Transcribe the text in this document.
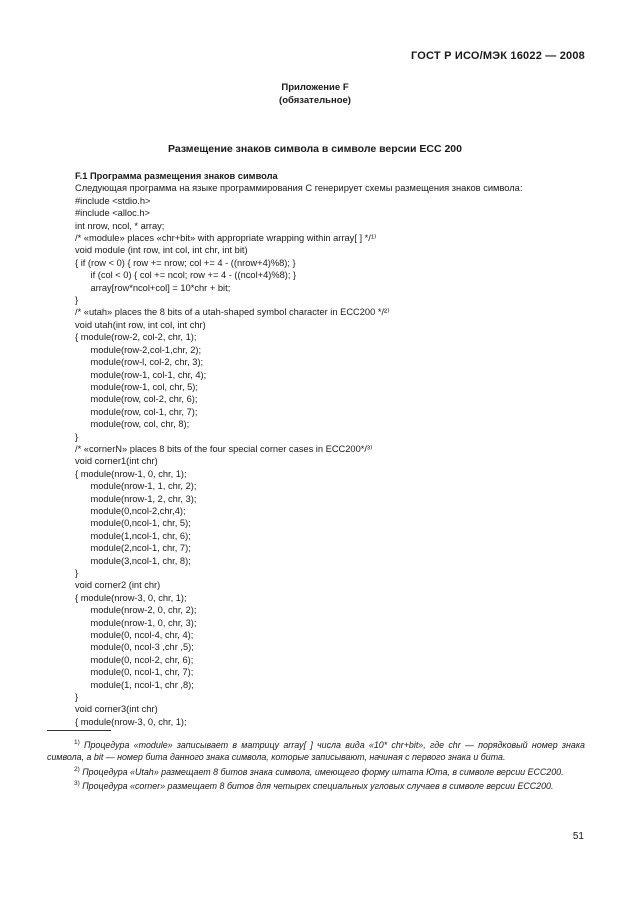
ГОСТ Р ИСО/МЭК 16022 — 2008
Приложение F
(обязательное)
Размещение знаков символа в символе версии ЕСС 200
F.1 Программа размещения знаков символа
Следующая программа на языке программирования С генерирует схемы размещения знаков символа:
#include <stdio.h>
#include <alloc.h>
int nrow, ncol, * array;
/* «module» places «chr+bit» with appropriate wrapping within array[ ] */¹⁾
void module (int row, int col, int chr, int bit)
{ if (row < 0) { row += nrow; col += 4 - ((nrow+4)%8); }
if (col < 0) { col += ncol; row += 4 - ((ncol+4)%8); }
array[row*ncol+col] = 10*chr + bit;
}
/* «utah» places the 8 bits of a utah-shaped symbol character in ECC200 */²⁾
void utah(int row, int col, int chr)
{ module(row-2, col-2, chr, 1);
module(row-2,col-1,chr, 2);
module(row-l, col-2, chr, 3);
module(row-1, col-1, chr, 4);
module(row-1, col, chr, 5);
module(row, col-2, chr, 6);
module(row, col-1, chr, 7);
module(row, col, chr, 8);
}
/* «cornerN» places 8 bits of the four special corner cases in ECC200*/³⁾
void corner1(int chr)
{ module(nrow-1, 0, chr, 1);
module(nrow-1, 1, chr, 2);
module(nrow-1, 2, chr, 3);
module(0,ncol-2,chr,4);
module(0,ncol-1, chr, 5);
module(1,ncol-1, chr, 6);
module(2,ncol-1, chr, 7);
module(3,ncol-1, chr, 8);
}
void corner2 (int chr)
{ module(nrow-3, 0, chr, 1);
module(nrow-2, 0, chr, 2);
module(nrow-1, 0, chr, 3);
module(0, ncol-4, chr, 4);
module(0, ncol-3 ,chr ,5);
module(0, ncol-2, chr, 6);
module(0, ncol-1, chr, 7);
module(1, ncol-1, chr ,8);
}
void corner3(int chr)
{ module(nrow-3, 0, chr, 1);
$^{1)}$ Процедура «module» записывает в матрицу array[ ] числа вида «10* chr+bit», где chr — порядковый номер знака символа, а bit — номер бита данного знака символа, которые записывают, начиная с первого знака и бита.
$^{2)}$ Процедура «Utah» размещает 8 битов знака символа, имеющего форму штата Юта, в символе версии ЕСС200.
$^{3)}$ Процедура «corner» размещает 8 битов для четырех специальных угловых случаев в символе версии ЕСС200.
51
